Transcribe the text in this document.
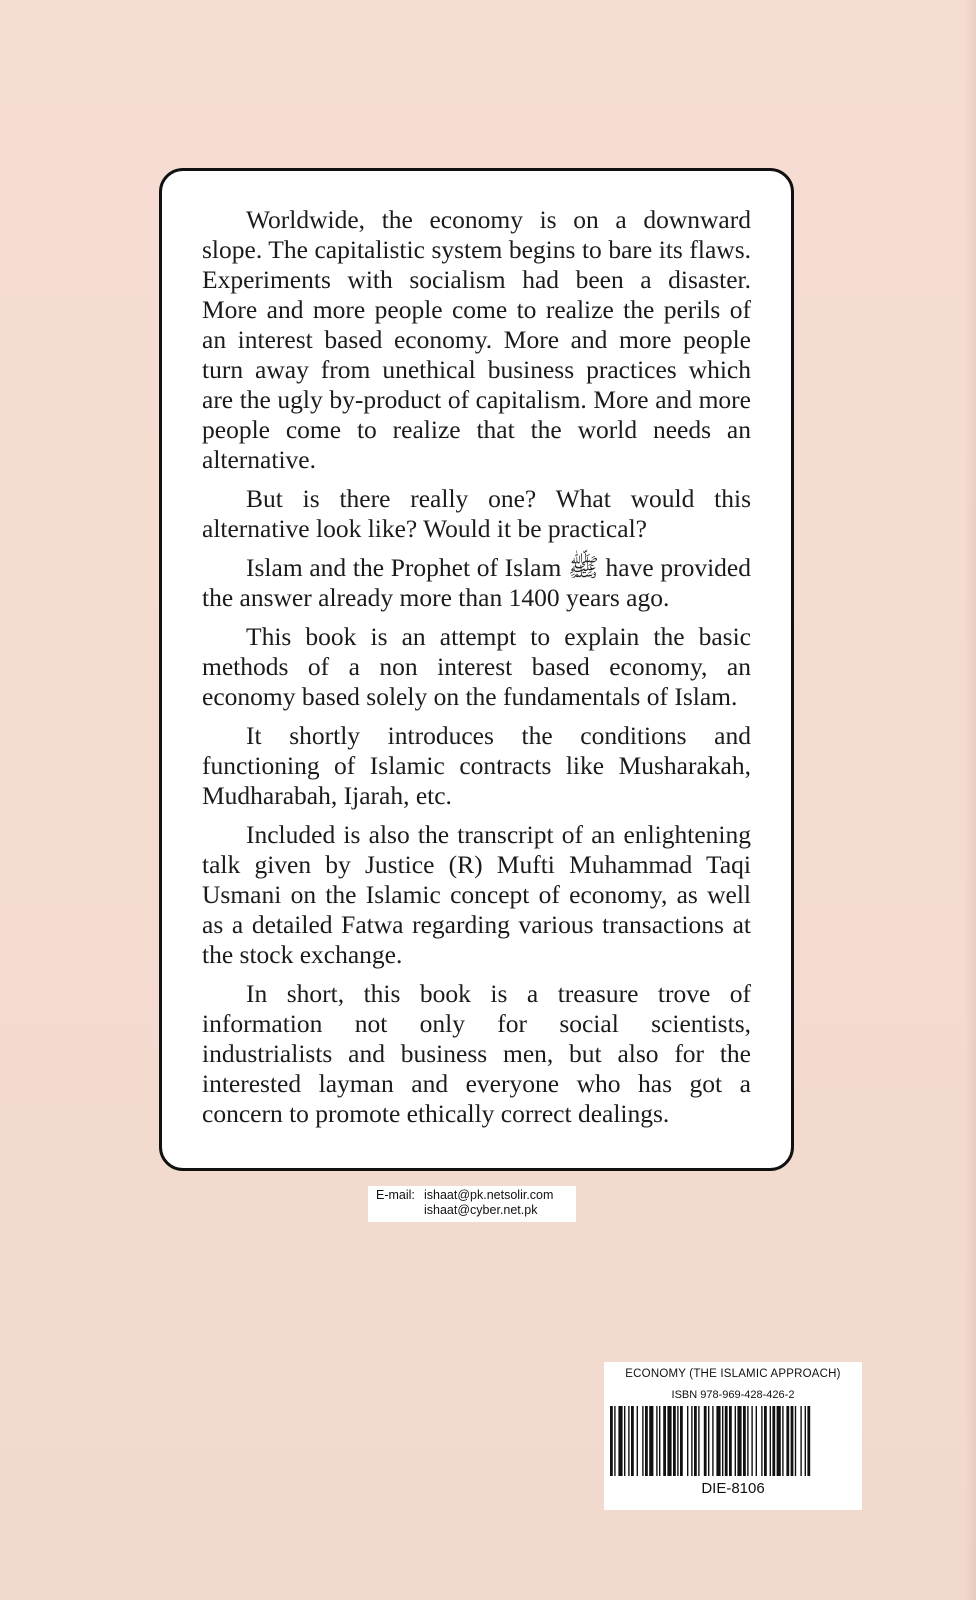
Worldwide, the economy is on a downward slope. The capitalistic system begins to bare its flaws. Experiments with socialism had been a disaster. More and more people come to realize the perils of an interest based economy. More and more people turn away from unethical business practices which are the ugly by-product of capitalism. More and more people come to realize that the world needs an alternative.

But is there really one? What would this alternative look like? Would it be practical?

Islam and the Prophet of Islam ﷺ have provided the answer already more than 1400 years ago.

This book is an attempt to explain the basic methods of a non interest based economy, an economy based solely on the fundamentals of Islam.

It shortly introduces the conditions and functioning of Islamic contracts like Musharakah, Mudharabah, Ijarah, etc.

Included is also the transcript of an enlightening talk given by Justice (R) Mufti Muhammad Taqi Usmani on the Islamic concept of economy, as well as a detailed Fatwa regarding various transactions at the stock exchange.

In short, this book is a treasure trove of information not only for social scientists, industrialists and business men, but also for the interested layman and everyone who has got a concern to promote ethically correct dealings.

E-mail: ishaat@pk.netsolir.com
ishaat@cyber.net.pk
ECONOMY (THE ISLAMIC APPROACH)
ISBN 978-969-428-426-2
DIE-8106
